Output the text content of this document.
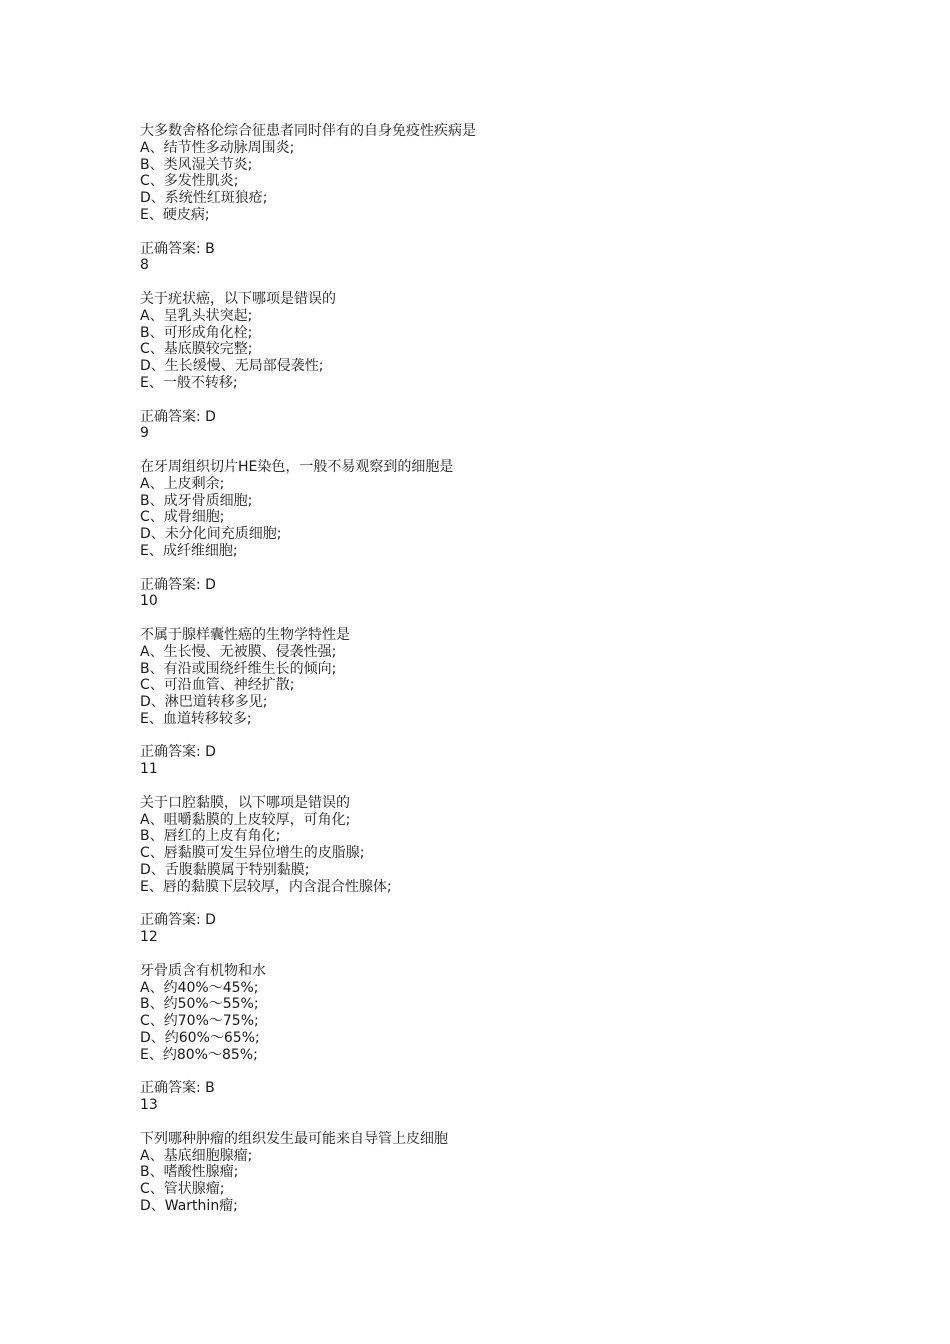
大多数舍格伦综合征患者同时伴有的自身免疫性疾病是
A、结节性多动脉周围炎;
B、类风湿关节炎;
C、多发性肌炎;
D、系统性红斑狼疮;
E、硬皮病;
正确答案: B
8
关于疣状癌，以下哪项是错误的
A、呈乳头状突起;
B、可形成角化栓;
C、基底膜较完整;
D、生长缓慢、无局部侵袭性;
E、一般不转移;
正确答案: D
9
在牙周组织切片HE染色，一般不易观察到的细胞是
A、上皮剩余;
B、成牙骨质细胞;
C、成骨细胞;
D、未分化间充质细胞;
E、成纤维细胞;
正确答案: D
10
不属于腺样囊性癌的生物学特性是
A、生长慢、无被膜、侵袭性强;
B、有沿或围绕纤维生长的倾向;
C、可沿血管、神经扩散;
D、淋巴道转移多见;
E、血道转移较多;
正确答案: D
11
关于口腔黏膜，以下哪项是错误的
A、咀嚼黏膜的上皮较厚，可角化;
B、唇红的上皮有角化;
C、唇黏膜可发生异位增生的皮脂腺;
D、舌腹黏膜属于特别黏膜;
E、唇的黏膜下层较厚，内含混合性腺体;
正确答案: D
12
牙骨质含有机物和水
A、约40%～45%;
B、约50%～55%;
C、约70%～75%;
D、约60%～65%;
E、约80%～85%;
正确答案: B
13
下列哪种肿瘤的组织发生最可能来自导管上皮细胞
A、基底细胞腺瘤;
B、嗜酸性腺瘤;
C、管状腺瘤;
D、Warthin瘤;
